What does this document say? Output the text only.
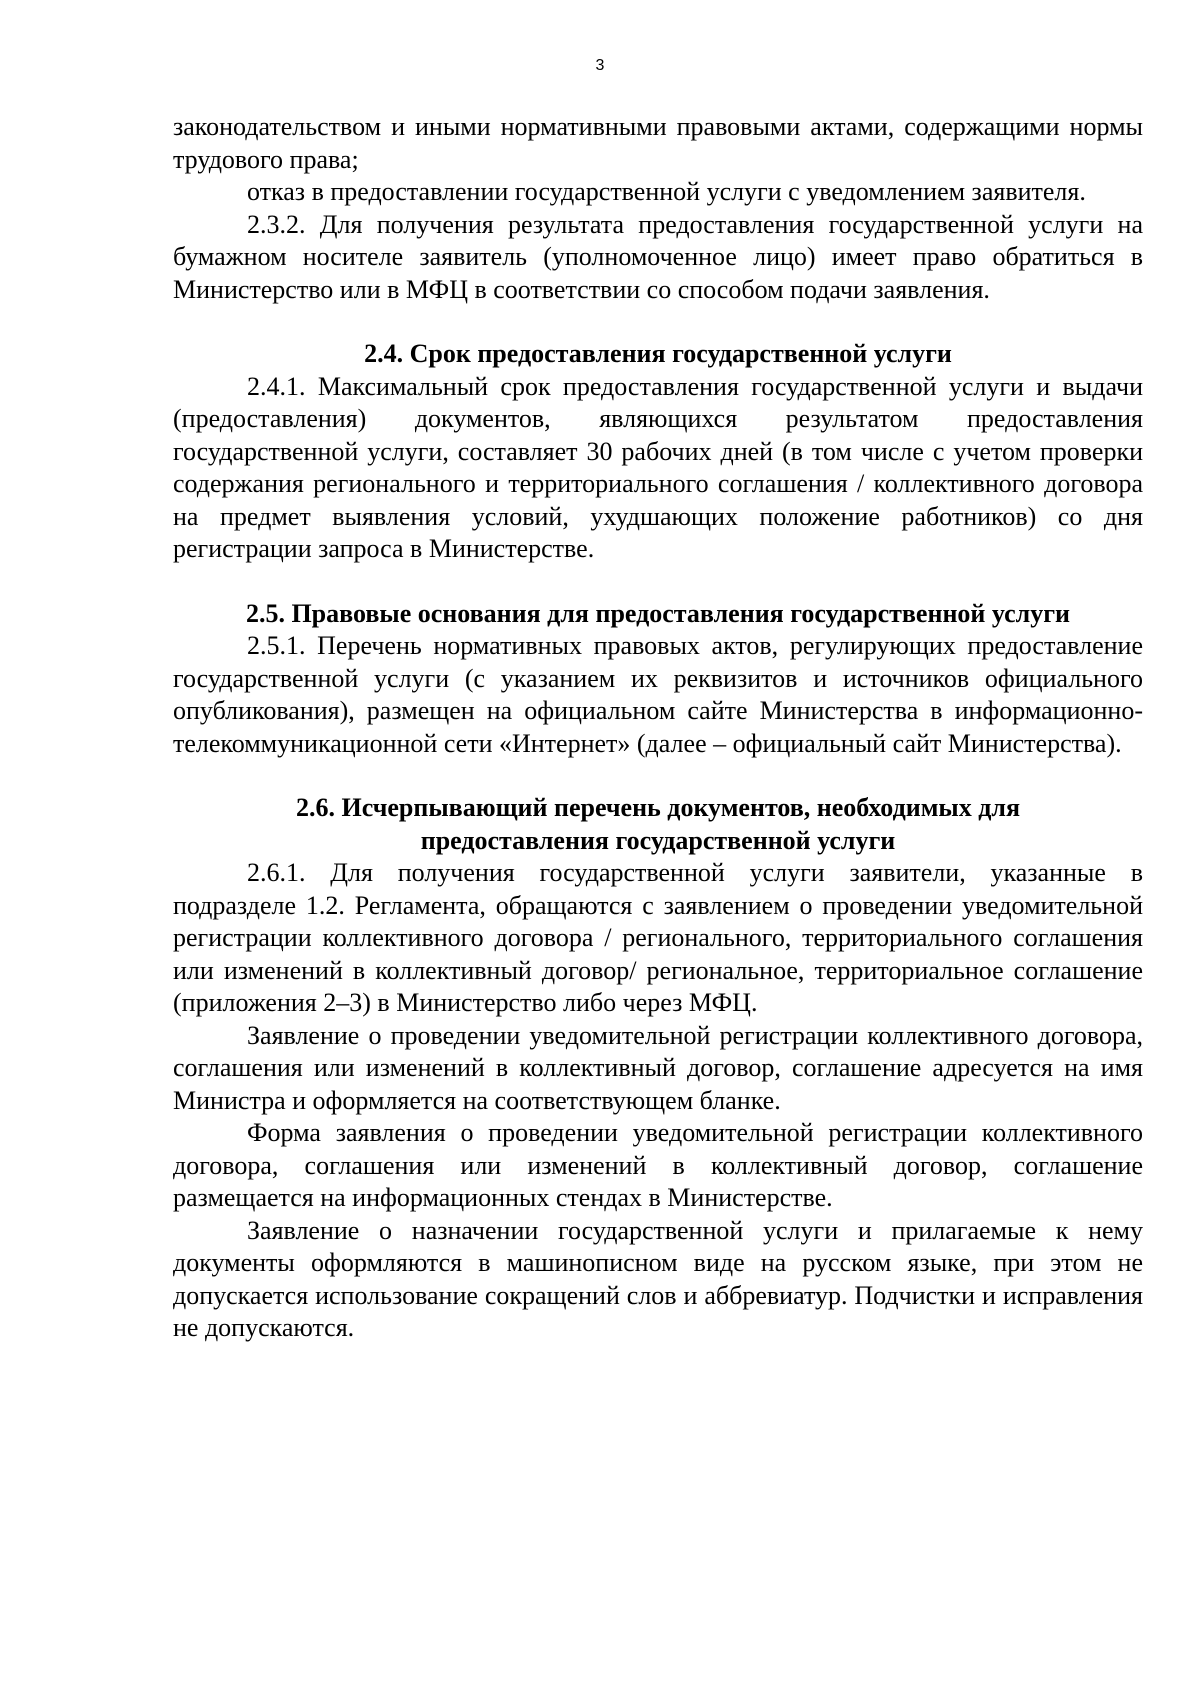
3

законодательством и иными нормативными правовыми актами, содержащими нормы трудового права;

отказ в предоставлении государственной услуги с уведомлением заявителя.

2.3.2. Для получения результата предоставления государственной услуги на бумажном носителе заявитель (уполномоченное лицо) имеет право обратиться в Министерство или в МФЦ в соответствии со способом подачи заявления.

2.4. Срок предоставления государственной услуги

2.4.1. Максимальный срок предоставления государственной услуги и выдачи (предоставления) документов, являющихся результатом предоставления государственной услуги, составляет 30 рабочих дней (в том числе с учетом проверки содержания регионального и территориального соглашения / коллективного договора на предмет выявления условий, ухудшающих положение работников) со дня регистрации запроса в Министерстве.

2.5. Правовые основания для предоставления государственной услуги

2.5.1. Перечень нормативных правовых актов, регулирующих предоставление государственной услуги (с указанием их реквизитов и источников официального опубликования), размещен на официальном сайте Министерства в информационно-телекоммуникационной сети «Интернет» (далее – официальный сайт Министерства).

2.6. Исчерпывающий перечень документов, необходимых для
предоставления государственной услуги

2.6.1. Для получения государственной услуги заявители, указанные в подразделе 1.2. Регламента, обращаются с заявлением о проведении уведомительной регистрации коллективного договора / регионального, территориального соглашения или изменений в коллективный договор/ региональное, территориальное соглашение (приложения 2–3) в Министерство либо через МФЦ.

Заявление о проведении уведомительной регистрации коллективного договора, соглашения или изменений в коллективный договор, соглашение адресуется на имя Министра и оформляется на соответствующем бланке.

Форма заявления о проведении уведомительной регистрации коллективного договора, соглашения или изменений в коллективный договор, соглашение размещается на информационных стендах в Министерстве.

Заявление о назначении государственной услуги и прилагаемые к нему документы оформляются в машинописном виде на русском языке, при этом не допускается использование сокращений слов и аббревиатур. Подчистки и исправления не допускаются.
